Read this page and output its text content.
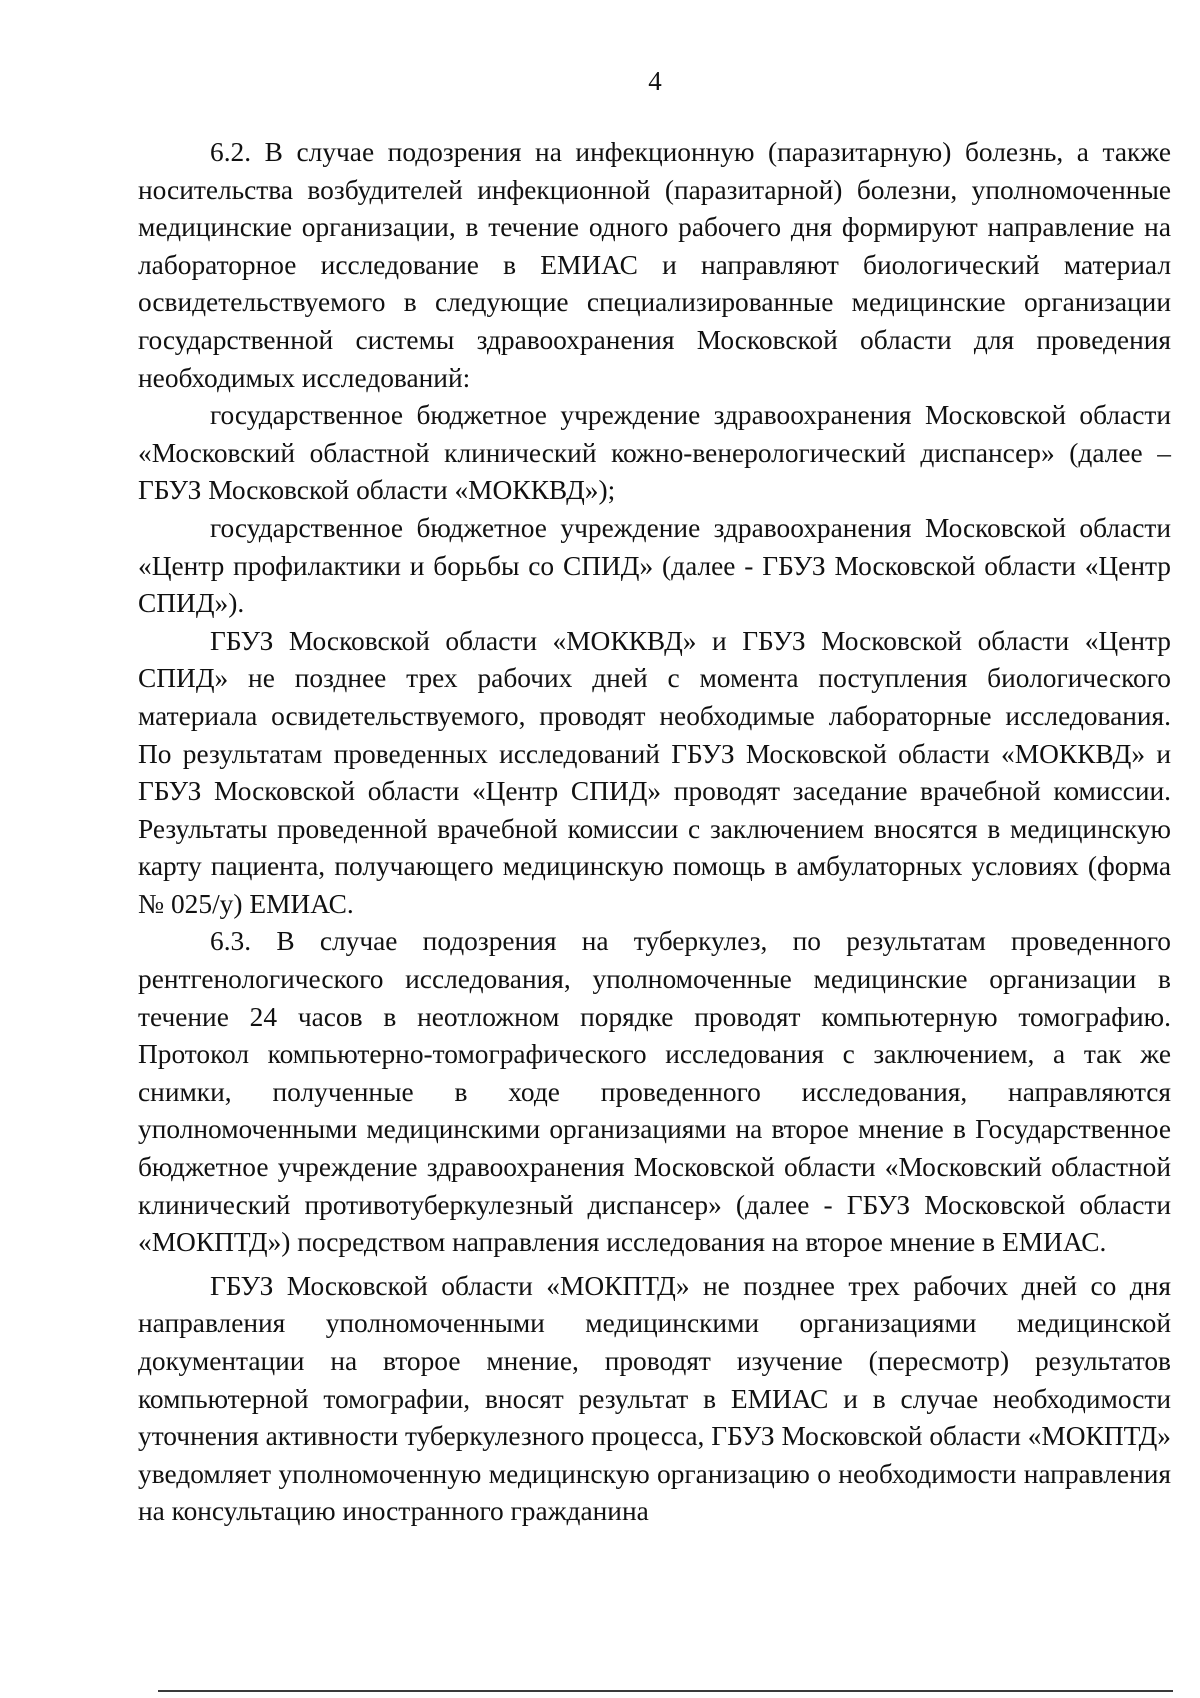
4

6.2. В случае подозрения на инфекционную (паразитарную) болезнь, а также носительства возбудителей инфекционной (паразитарной) болезни, уполномоченные медицинские организации, в течение одного рабочего дня формируют направление на лабораторное исследование в ЕМИАС и направляют биологический материал освидетельствуемого в следующие специализированные медицинские организации государственной системы здравоохранения Московской области для проведения необходимых исследований:

государственное бюджетное учреждение здравоохранения Московской области «Московский областной клинический кожно-венерологический диспансер» (далее – ГБУЗ Московской области «МОККВД»);

государственное бюджетное учреждение здравоохранения Московской области «Центр профилактики и борьбы со СПИД» (далее - ГБУЗ Московской области «Центр СПИД»).

ГБУЗ Московской области «МОККВД» и ГБУЗ Московской области «Центр СПИД» не позднее трех рабочих дней с момента поступления биологического материала освидетельствуемого, проводят необходимые лабораторные исследования. По результатам проведенных исследований ГБУЗ Московской области «МОККВД» и ГБУЗ Московской области «Центр СПИД» проводят заседание врачебной комиссии. Результаты проведенной врачебной комиссии с заключением вносятся в медицинскую карту пациента, получающего медицинскую помощь в амбулаторных условиях (форма № 025/у) ЕМИАС.

6.3. В случае подозрения на туберкулез, по результатам проведенного рентгенологического исследования, уполномоченные медицинские организации в течение 24 часов в неотложном порядке проводят компьютерную томографию. Протокол компьютерно-томографического исследования с заключением, а так же снимки, полученные в ходе проведенного исследования, направляются уполномоченными медицинскими организациями на второе мнение в Государственное бюджетное учреждение здравоохранения Московской области «Московский областной клинический противотуберкулезный диспансер» (далее - ГБУЗ Московской области «МОКПТД») посредством направления исследования на второе мнение в ЕМИАС.

ГБУЗ Московской области «МОКПТД» не позднее трех рабочих дней со дня направления уполномоченными медицинскими организациями медицинской документации на второе мнение, проводят изучение (пересмотр) результатов компьютерной томографии, вносят результат в ЕМИАС и в случае необходимости уточнения активности туберкулезного процесса, ГБУЗ Московской области «МОКПТД» уведомляет уполномоченную медицинскую организацию о необходимости направления на консультацию иностранного гражданина
